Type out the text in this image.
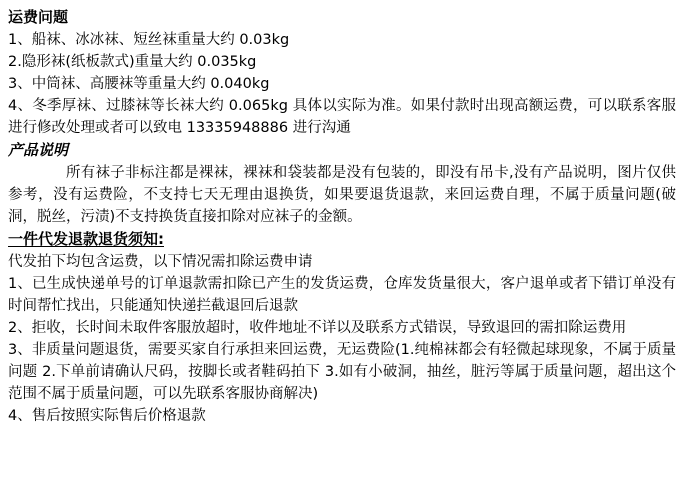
运费问题

1、船袜、冰冰袜、短丝袜重量大约 0.03kg

2.隐形袜(纸板款式)重量大约 0.035kg

3、中筒袜、高腰袜等重量大约 0.040kg

4、冬季厚袜、过膝袜等长袜大约 0.065kg 具体以实际为准。如果付款时出现高额运费，可以联系客服进行修改处理或者可以致电 13335948886 进行沟通

产品说明

所有袜子非标注都是裸袜，裸袜和袋装都是没有包装的，即没有吊卡,没有产品说明，图片仅供参考，没有运费险，不支持七天无理由退换货，如果要退货退款，来回运费自理，不属于质量问题(破洞，脱丝，污渍)不支持换货直接扣除对应袜子的金额。

一件代发退款退货须知:

代发拍下均包含运费，以下情况需扣除运费申请

1、已生成快递单号的订单退款需扣除已产生的发货运费，仓库发货量很大，客户退单或者下错订单没有时间帮忙找出，只能通知快递拦截退回后退款

2、拒收，长时间未取件客服放超时，收件地址不详以及联系方式错误，导致退回的需扣除运费用

3、非质量问题退货，需要买家自行承担来回运费，无运费险(1.纯棉袜都会有轻微起球现象，不属于质量问题 2.下单前请确认尺码，按脚长或者鞋码拍下 3.如有小破洞，抽丝，脏污等属于质量问题，超出这个范围不属于质量问题，可以先联系客服协商解决)

4、售后按照实际售后价格退款
